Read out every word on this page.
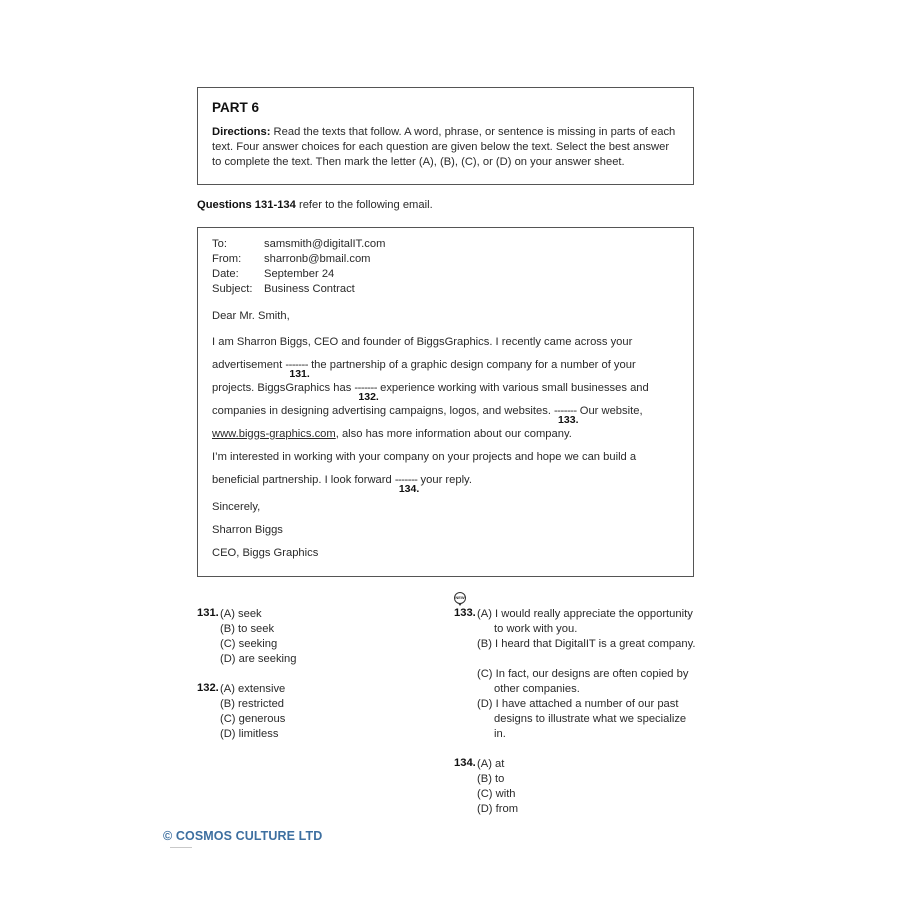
PART 6
Directions: Read the texts that follow. A word, phrase, or sentence is missing in parts of each text. Four answer choices for each question are given below the text. Select the best answer to complete the text. Then mark the letter (A), (B), (C), or (D) on your answer sheet.
Questions 131-134 refer to the following email.
To:	samsmith@digitalIT.com
From:	sharronb@bmail.com
Date:	September 24
Subject:	Business Contract
Dear Mr. Smith,
I am Sharron Biggs, CEO and founder of BiggsGraphics. I recently came across your
advertisement -------
131.
the partnership of a graphic design company for a number of your
projects. BiggsGraphics has -------
132.
experience working with various small businesses and
companies in designing advertising campaigns, logos, and websites. -------
133.
Our website,
www.biggs-graphics.com, also has more information about our company.
I’m interested in working with your company on your projects and hope we can build a
beneficial partnership. I look forward -------
134.
your reply.
Sincerely,
Sharron Biggs
CEO, Biggs Graphics
NEW
131. (A) seek
(B) to seek
(C) seeking
(D) are seeking
132. (A) extensive
(B) restricted
(C) generous
(D) limitless
133. (A) I would really appreciate the opportunity to work with you.
(B) I heard that DigitalIT is a great company.
(C) In fact, our designs are often copied by other companies.
(D) I have attached a number of our past designs to illustrate what we specialize in.
134. (A) at
(B) to
(C) with
(D) from
© COSMOS CULTURE LTD
